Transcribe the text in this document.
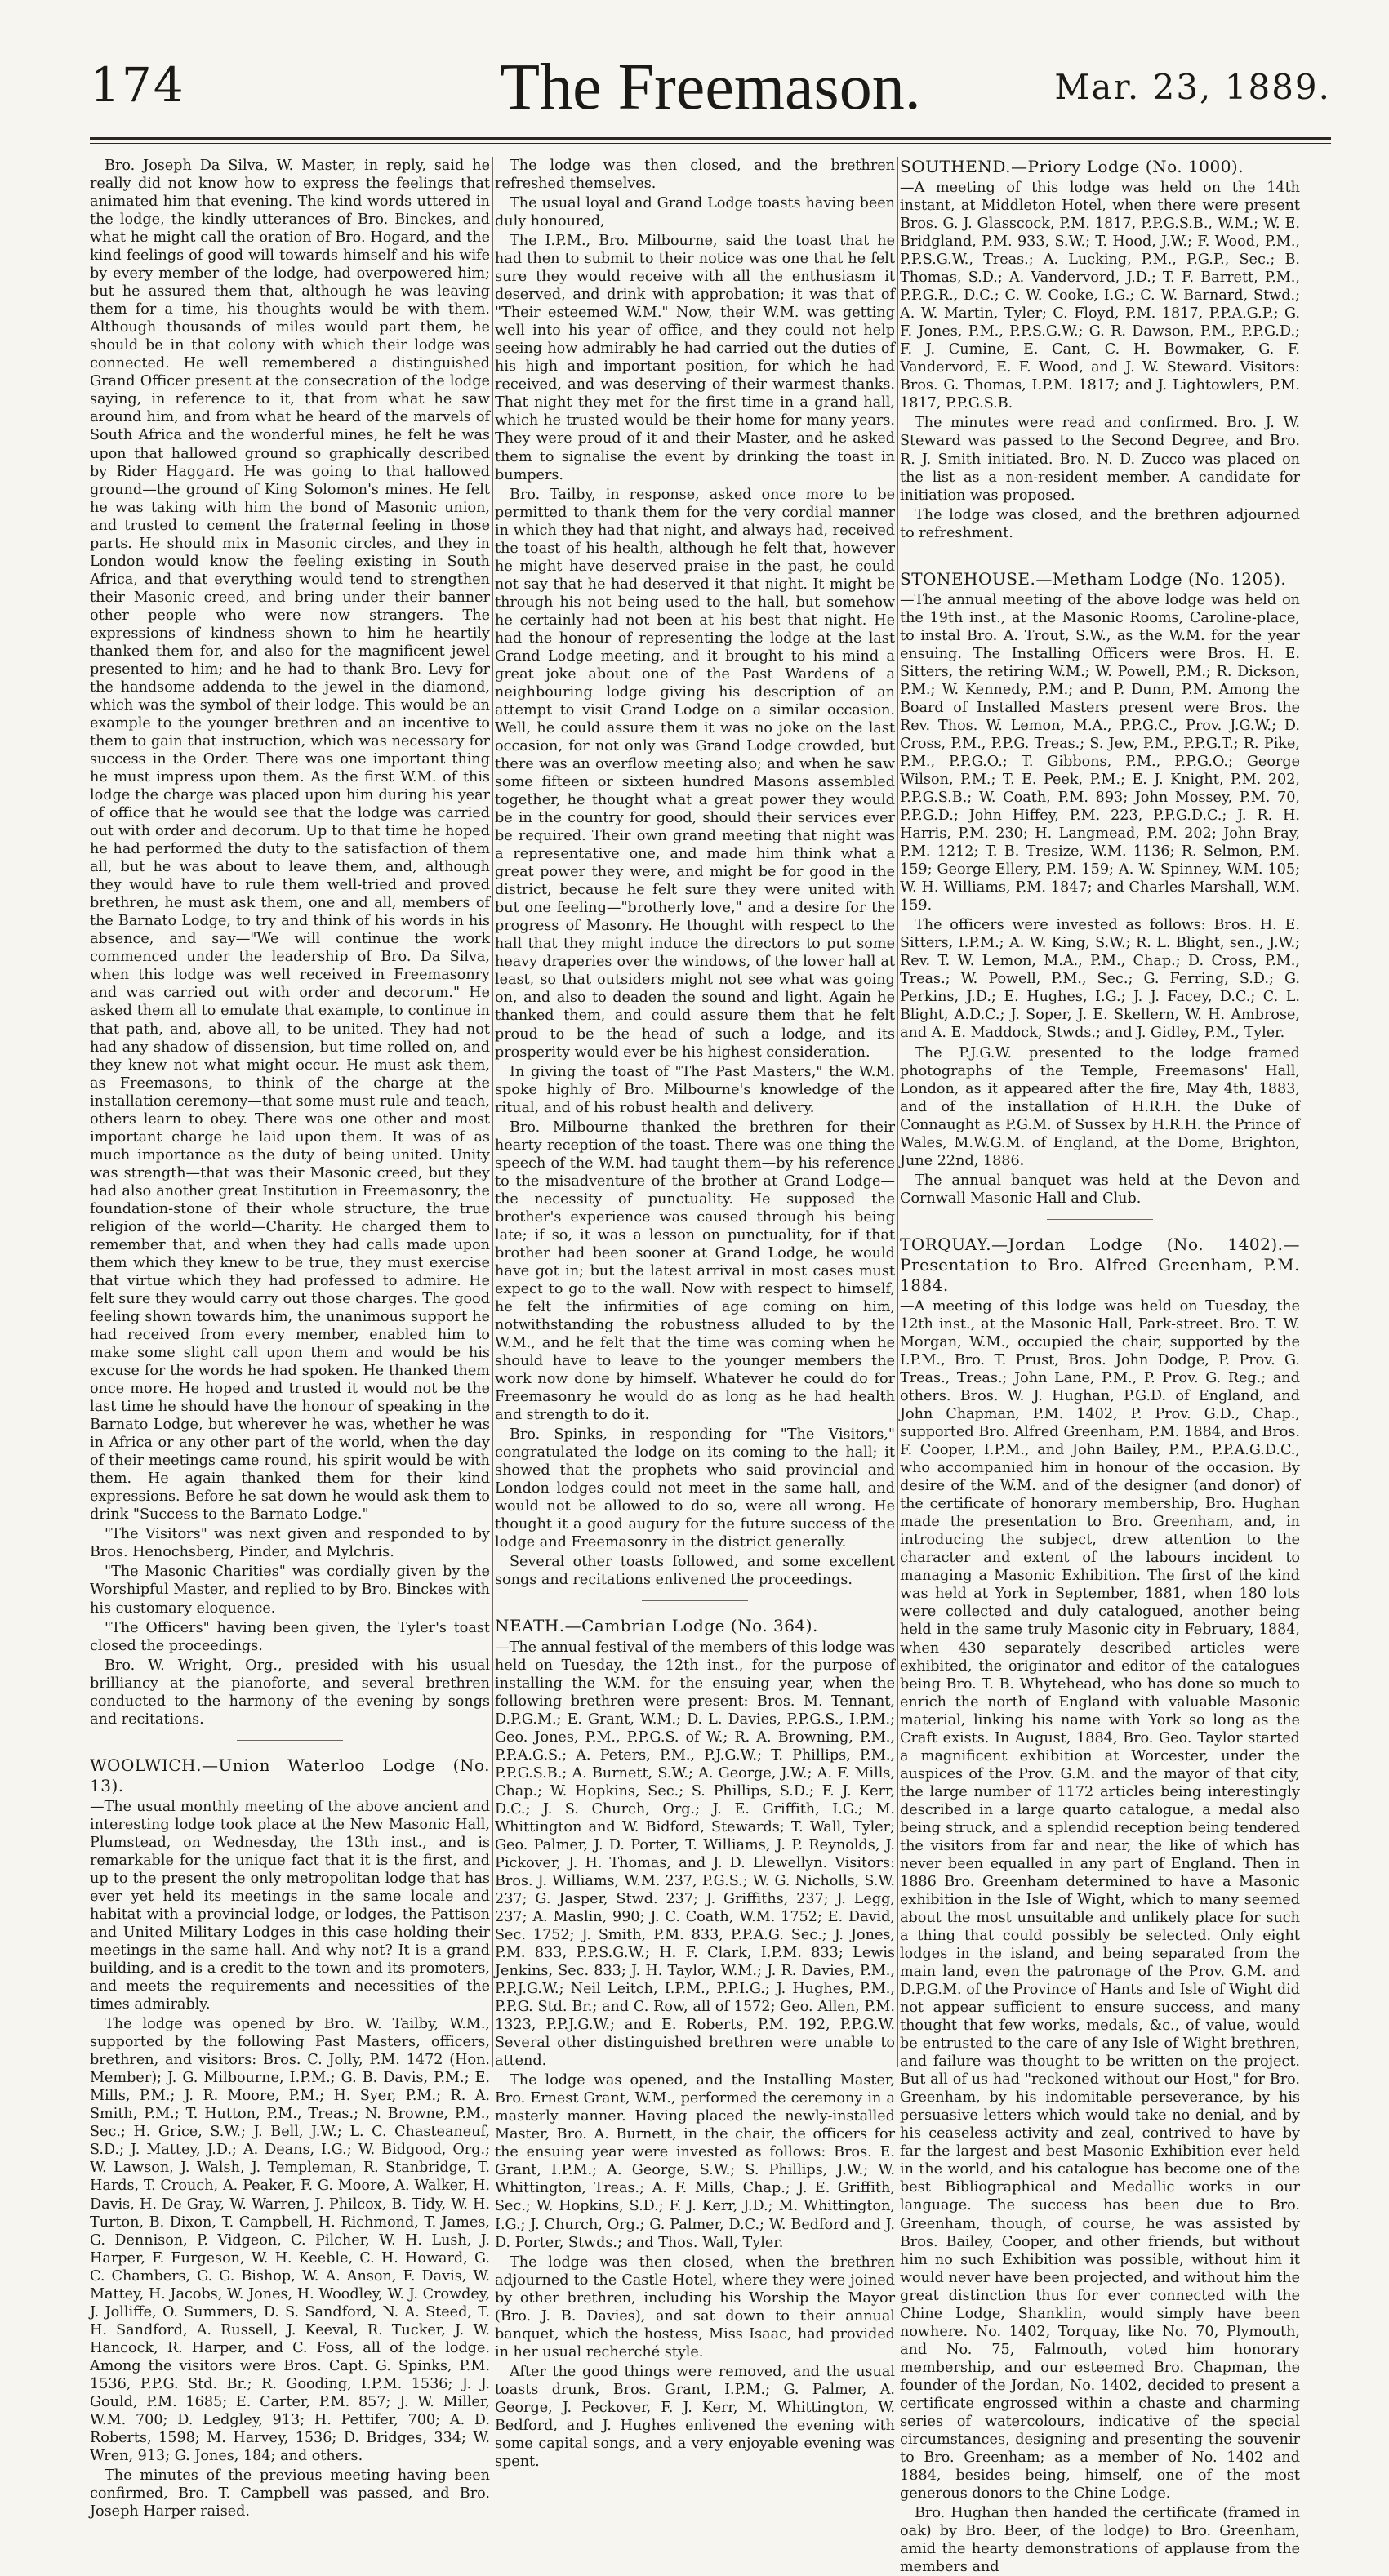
174	The Freemason.	Mar. 23, 1889.

Bro. Joseph Da Silva, W. Master, in reply, said he really did not know how to express the feelings that animated him that evening. The kind words uttered in the lodge, the kindly utterances of Bro. Binckes, and what he might call the oration of Bro. Hogard, and the kind feelings of good will towards himself and his wife by every member of the lodge, had overpowered him; but he assured them that, although he was leaving them for a time, his thoughts would be with them. Although thousands of miles would part them, he should be in that colony with which their lodge was connected. He well remembered a distinguished Grand Officer present at the consecration of the lodge saying, in reference to it, that from what he saw around him, and from what he heard of the marvels of South Africa and the wonderful mines, he felt he was upon that hallowed ground so graphically described by Rider Haggard. He was going to that hallowed ground—the ground of King Solomon's mines. He felt he was taking with him the bond of Masonic union, and trusted to cement the fraternal feeling in those parts. He should mix in Masonic circles, and they in London would know the feeling existing in South Africa, and that everything would tend to strengthen their Masonic creed, and bring under their banner other people who were now strangers. The expressions of kindness shown to him he heartily thanked them for, and also for the magnificent jewel presented to him; and he had to thank Bro. Levy for the handsome addenda to the jewel in the diamond, which was the symbol of their lodge. This would be an example to the younger brethren and an incentive to them to gain that instruction, which was necessary for success in the Order. There was one important thing he must impress upon them. As the first W.M. of this lodge the charge was placed upon him during his year of office that he would see that the lodge was carried out with order and decorum. Up to that time he hoped he had performed the duty to the satisfaction of them all, but he was about to leave them, and, although they would have to rule them well-tried and proved brethren, he must ask them, one and all, members of the Barnato Lodge, to try and think of his words in his absence, and say—"We will continue the work commenced under the leadership of Bro. Da Silva, when this lodge was well received in Freemasonry and was carried out with order and decorum." He asked them all to emulate that example, to continue in that path, and, above all, to be united. They had not had any shadow of dissension, but time rolled on, and they knew not what might occur. He must ask them, as Freemasons, to think of the charge at the installation ceremony—that some must rule and teach, others learn to obey. There was one other and most important charge he laid upon them. It was of as much importance as the duty of being united. Unity was strength—that was their Masonic creed, but they had also another great Institution in Freemasonry, the foundation-stone of their whole structure, the true religion of the world—Charity. He charged them to remember that, and when they had calls made upon them which they knew to be true, they must exercise that virtue which they had professed to admire. He felt sure they would carry out those charges. The good feeling shown towards him, the unanimous support he had received from every member, enabled him to make some slight call upon them and would be his excuse for the words he had spoken. He thanked them once more. He hoped and trusted it would not be the last time he should have the honour of speaking in the Barnato Lodge, but wherever he was, whether he was in Africa or any other part of the world, when the day of their meetings came round, his spirit would be with them. He again thanked them for their kind expressions. Before he sat down he would ask them to drink "Success to the Barnato Lodge."

"The Visitors" was next given and responded to by Bros. Henochsberg, Pinder, and Mylchris.

"The Masonic Charities" was cordially given by the Worshipful Master, and replied to by Bro. Binckes with his customary eloquence.

"The Officers" having been given, the Tyler's toast closed the proceedings.

Bro. W. Wright, Org., presided with his usual brilliancy at the pianoforte, and several brethren conducted to the harmony of the evening by songs and recitations.

WOOLWICH.—Union Waterloo Lodge (No. 13).

—The usual monthly meeting of the above ancient and interesting lodge took place at the New Masonic Hall, Plumstead, on Wednesday, the 13th inst., and is remarkable for the unique fact that it is the first, and up to the present the only metropolitan lodge that has ever yet held its meetings in the same locale and habitat with a provincial lodge, or lodges, the Pattison and United Military Lodges in this case holding their meetings in the same hall. And why not? It is a grand building, and is a credit to the town and its promoters, and meets the requirements and necessities of the times admirably.

The lodge was opened by Bro. W. Tailby, W.M., supported by the following Past Masters, officers, brethren, and visitors: Bros. C. Jolly, P.M. 1472 (Hon. Member); J. G. Milbourne, I.P.M.; G. B. Davis, P.M.; E. Mills, P.M.; J. R. Moore, P.M.; H. Syer, P.M.; R. A. Smith, P.M.; T. Hutton, P.M., Treas.; N. Browne, P.M., Sec.; H. Grice, S.W.; J. Bell, J.W.; L. C. Chasteaneuf, S.D.; J. Mattey, J.D.; A. Deans, I.G.; W. Bidgood, Org.; W. Lawson, J. Walsh, J. Templeman, R. Stanbridge, T. Hards, T. Crouch, A. Peaker, F. G. Moore, A. Walker, H. Davis, H. De Gray, W. Warren, J. Philcox, B. Tidy, W. H. Turton, B. Dixon, T. Campbell, H. Richmond, T. James, G. Dennison, P. Vidgeon, C. Pilcher, W. H. Lush, J. Harper, F. Furgeson, W. H. Keeble, C. H. Howard, G. C. Chambers, G. G. Bishop, W. A. Anson, F. Davis, W. Mattey, H. Jacobs, W. Jones, H. Woodley, W. J. Crowdey, J. Jolliffe, O. Summers, D. S. Sandford, N. A. Steed, T. H. Sandford, A. Russell, J. Keeval, R. Tucker, J. W. Hancock, R. Harper, and C. Foss, all of the lodge. Among the visitors were Bros. Capt. G. Spinks, P.M. 1536, P.P.G. Std. Br.; R. Gooding, I.P.M. 1536; J. J. Gould, P.M. 1685; E. Carter, P.M. 857; J. W. Miller, W.M. 700; D. Ledgley, 913; H. Pettifer, 700; A. D. Roberts, 1598; M. Harvey, 1536; D. Bridges, 334; W. Wren, 913; G. Jones, 184; and others.

The minutes of the previous meeting having been confirmed, Bro. T. Campbell was passed, and Bro. Joseph Harper raised.

The lodge was then closed, and the brethren refreshed themselves.

The usual loyal and Grand Lodge toasts having been duly honoured,

The I.P.M., Bro. Milbourne, said the toast that he had then to submit to their notice was one that he felt sure they would receive with all the enthusiasm it deserved, and drink with approbation; it was that of "Their esteemed W.M." Now, their W.M. was getting well into his year of office, and they could not help seeing how admirably he had carried out the duties of his high and important position, for which he had received, and was deserving of their warmest thanks. That night they met for the first time in a grand hall, which he trusted would be their home for many years. They were proud of it and their Master, and he asked them to signalise the event by drinking the toast in bumpers.

Bro. Tailby, in response, asked once more to be permitted to thank them for the very cordial manner in which they had that night, and always had, received the toast of his health, although he felt that, however he might have deserved praise in the past, he could not say that he had deserved it that night. It might be through his not being used to the hall, but somehow he certainly had not been at his best that night. He had the honour of representing the lodge at the last Grand Lodge meeting, and it brought to his mind a great joke about one of the Past Wardens of a neighbouring lodge giving his description of an attempt to visit Grand Lodge on a similar occasion. Well, he could assure them it was no joke on the last occasion, for not only was Grand Lodge crowded, but there was an overflow meeting also; and when he saw some fifteen or sixteen hundred Masons assembled together, he thought what a great power they would be in the country for good, should their services ever be required. Their own grand meeting that night was a representative one, and made him think what a great power they were, and might be for good in the district, because he felt sure they were united with but one feeling—"brotherly love," and a desire for the progress of Masonry. He thought with respect to the hall that they might induce the directors to put some heavy draperies over the windows, of the lower hall at least, so that outsiders might not see what was going on, and also to deaden the sound and light. Again he thanked them, and could assure them that he felt proud to be the head of such a lodge, and its prosperity would ever be his highest consideration.

In giving the toast of "The Past Masters," the W.M. spoke highly of Bro. Milbourne's knowledge of the ritual, and of his robust health and delivery.

Bro. Milbourne thanked the brethren for their hearty reception of the toast. There was one thing the speech of the W.M. had taught them—by his reference to the misadventure of the brother at Grand Lodge—the necessity of punctuality. He supposed the brother's experience was caused through his being late; if so, it was a lesson on punctuality, for if that brother had been sooner at Grand Lodge, he would have got in; but the latest arrival in most cases must expect to go to the wall. Now with respect to himself, he felt the infirmities of age coming on him, notwithstanding the robustness alluded to by the W.M., and he felt that the time was coming when he should have to leave to the younger members the work now done by himself. Whatever he could do for Freemasonry he would do as long as he had health and strength to do it.

Bro. Spinks, in responding for "The Visitors," congratulated the lodge on its coming to the hall; it showed that the prophets who said provincial and London lodges could not meet in the same hall, and would not be allowed to do so, were all wrong. He thought it a good augury for the future success of the lodge and Freemasonry in the district generally.

Several other toasts followed, and some excellent songs and recitations enlivened the proceedings.

NEATH.—Cambrian Lodge (No. 364).

—The annual festival of the members of this lodge was held on Tuesday, the 12th inst., for the purpose of installing the W.M. for the ensuing year, when the following brethren were present: Bros. M. Tennant, D.P.G.M.; E. Grant, W.M.; D. L. Davies, P.P.G.S., I.P.M.; Geo. Jones, P.M., P.P.G.S. of W.; R. A. Browning, P.M., P.P.A.G.S.; A. Peters, P.M., P.J.G.W.; T. Phillips, P.M., P.P.G.S.B.; A. Burnett, S.W.; A. George, J.W.; A. F. Mills, Chap.; W. Hopkins, Sec.; S. Phillips, S.D.; F. J. Kerr, D.C.; J. S. Church, Org.; J. E. Griffith, I.G.; M. Whittington and W. Bidford, Stewards; T. Wall, Tyler; Geo. Palmer, J. D. Porter, T. Williams, J. P. Reynolds, J. Pickover, J. H. Thomas, and J. D. Llewellyn. Visitors: Bros. J. Williams, W.M. 237, P.G.S.; W. G. Nicholls, S.W. 237; G. Jasper, Stwd. 237; J. Griffiths, 237; J. Legg, 237; A. Maslin, 990; J. C. Coath, W.M. 1752; E. David, Sec. 1752; J. Smith, P.M. 833, P.P.A.G. Sec.; J. Jones, P.M. 833, P.P.S.G.W.; H. F. Clark, I.P.M. 833; Lewis Jenkins, Sec. 833; J. H. Taylor, W.M.; J. R. Davies, P.M., P.P.J.G.W.; Neil Leitch, I.P.M., P.P.I.G.; J. Hughes, P.M., P.P.G. Std. Br.; and C. Row, all of 1572; Geo. Allen, P.M. 1323, P.P.J.G.W.; and E. Roberts, P.M. 192, P.P.G.W. Several other distinguished brethren were unable to attend.

The lodge was opened, and the Installing Master, Bro. Ernest Grant, W.M., performed the ceremony in a masterly manner. Having placed the newly-installed Master, Bro. A. Burnett, in the chair, the officers for the ensuing year were invested as follows: Bros. E. Grant, I.P.M.; A. George, S.W.; S. Phillips, J.W.; W. Whittington, Treas.; A. F. Mills, Chap.; J. E. Griffith, Sec.; W. Hopkins, S.D.; F. J. Kerr, J.D.; M. Whittington, I.G.; J. Church, Org.; G. Palmer, D.C.; W. Bedford and J. D. Porter, Stwds.; and Thos. Wall, Tyler.

The lodge was then closed, when the brethren adjourned to the Castle Hotel, where they were joined by other brethren, including his Worship the Mayor (Bro. J. B. Davies), and sat down to their annual banquet, which the hostess, Miss Isaac, had provided in her usual recherché style.

After the good things were removed, and the usual toasts drunk, Bros. Grant, I.P.M.; G. Palmer, A. George, J. Peckover, F. J. Kerr, M. Whittington, W. Bedford, and J. Hughes enlivened the evening with some capital songs, and a very enjoyable evening was spent.

SOUTHEND.—Priory Lodge (No. 1000).

—A meeting of this lodge was held on the 14th instant, at Middleton Hotel, when there were present Bros. G. J. Glasscock, P.M. 1817, P.P.G.S.B., W.M.; W. E. Bridgland, P.M. 933, S.W.; T. Hood, J.W.; F. Wood, P.M., P.P.S.G.W., Treas.; A. Lucking, P.M., P.G.P., Sec.; B. Thomas, S.D.; A. Vandervord, J.D.; T. F. Barrett, P.M., P.P.G.R., D.C.; C. W. Cooke, I.G.; C. W. Barnard, Stwd.; A. W. Martin, Tyler; C. Floyd, P.M. 1817, P.P.A.G.P.; G. F. Jones, P.M., P.P.S.G.W.; G. R. Dawson, P.M., P.P.G.D.; F. J. Cumine, E. Cant, C. H. Bowmaker, G. F. Vandervord, E. F. Wood, and J. W. Steward. Visitors: Bros. G. Thomas, I.P.M. 1817; and J. Lightowlers, P.M. 1817, P.P.G.S.B.

The minutes were read and confirmed. Bro. J. W. Steward was passed to the Second Degree, and Bro. R. J. Smith initiated. Bro. N. D. Zucco was placed on the list as a non-resident member. A candidate for initiation was proposed.

The lodge was closed, and the brethren adjourned to refreshment.

STONEHOUSE.—Metham Lodge (No. 1205).

—The annual meeting of the above lodge was held on the 19th inst., at the Masonic Rooms, Caroline-place, to instal Bro. A. Trout, S.W., as the W.M. for the year ensuing. The Installing Officers were Bros. H. E. Sitters, the retiring W.M.; W. Powell, P.M.; R. Dickson, P.M.; W. Kennedy, P.M.; and P. Dunn, P.M. Among the Board of Installed Masters present were Bros. the Rev. Thos. W. Lemon, M.A., P.P.G.C., Prov. J.G.W.; D. Cross, P.M., P.P.G. Treas.; S. Jew, P.M., P.P.G.T.; R. Pike, P.M., P.P.G.O.; T. Gibbons, P.M., P.P.G.O.; George Wilson, P.M.; T. E. Peek, P.M.; E. J. Knight, P.M. 202, P.P.G.S.B.; W. Coath, P.M. 893; John Mossey, P.M. 70, P.P.G.D.; John Hiffey, P.M. 223, P.P.G.D.C.; J. R. H. Harris, P.M. 230; H. Langmead, P.M. 202; John Bray, P.M. 1212; T. B. Tresize, W.M. 1136; R. Selmon, P.M. 159; George Ellery, P.M. 159; A. W. Spinney, W.M. 105; W. H. Williams, P.M. 1847; and Charles Marshall, W.M. 159.

The officers were invested as follows: Bros. H. E. Sitters, I.P.M.; A. W. King, S.W.; R. L. Blight, sen., J.W.; Rev. T. W. Lemon, M.A., P.M., Chap.; D. Cross, P.M., Treas.; W. Powell, P.M., Sec.; G. Ferring, S.D.; G. Perkins, J.D.; E. Hughes, I.G.; J. J. Facey, D.C.; C. L. Blight, A.D.C.; J. Soper, J. E. Skellern, W. H. Ambrose, and A. E. Maddock, Stwds.; and J. Gidley, P.M., Tyler.

The P.J.G.W. presented to the lodge framed photographs of the Temple, Freemasons' Hall, London, as it appeared after the fire, May 4th, 1883, and of the installation of H.R.H. the Duke of Connaught as P.G.M. of Sussex by H.R.H. the Prince of Wales, M.W.G.M. of England, at the Dome, Brighton, June 22nd, 1886.

The annual banquet was held at the Devon and Cornwall Masonic Hall and Club.

TORQUAY.—Jordan Lodge (No. 1402).—Presentation to Bro. Alfred Greenham, P.M. 1884.

—A meeting of this lodge was held on Tuesday, the 12th inst., at the Masonic Hall, Park-street. Bro. T. W. Morgan, W.M., occupied the chair, supported by the I.P.M., Bro. T. Prust, Bros. John Dodge, P. Prov. G. Treas., Treas.; John Lane, P.M., P. Prov. G. Reg.; and others. Bros. W. J. Hughan, P.G.D. of England, and John Chapman, P.M. 1402, P. Prov. G.D., Chap., supported Bro. Alfred Greenham, P.M. 1884, and Bros. F. Cooper, I.P.M., and John Bailey, P.M., P.P.A.G.D.C., who accompanied him in honour of the occasion. By desire of the W.M. and of the designer (and donor) of the certificate of honorary membership, Bro. Hughan made the presentation to Bro. Greenham, and, in introducing the subject, drew attention to the character and extent of the labours incident to managing a Masonic Exhibition. The first of the kind was held at York in September, 1881, when 180 lots were collected and duly catalogued, another being held in the same truly Masonic city in February, 1884, when 430 separately described articles were exhibited, the originator and editor of the catalogues being Bro. T. B. Whytehead, who has done so much to enrich the north of England with valuable Masonic material, linking his name with York so long as the Craft exists. In August, 1884, Bro. Geo. Taylor started a magnificent exhibition at Worcester, under the auspices of the Prov. G.M. and the mayor of that city, the large number of 1172 articles being interestingly described in a large quarto catalogue, a medal also being struck, and a splendid reception being tendered the visitors from far and near, the like of which has never been equalled in any part of England. Then in 1886 Bro. Greenham determined to have a Masonic exhibition in the Isle of Wight, which to many seemed about the most unsuitable and unlikely place for such a thing that could possibly be selected. Only eight lodges in the island, and being separated from the main land, even the patronage of the Prov. G.M. and D.P.G.M. of the Province of Hants and Isle of Wight did not appear sufficient to ensure success, and many thought that few works, medals, &c., of value, would be entrusted to the care of any Isle of Wight brethren, and failure was thought to be written on the project. But all of us had "reckoned without our Host," for Bro. Greenham, by his indomitable perseverance, by his persuasive letters which would take no denial, and by his ceaseless activity and zeal, contrived to have by far the largest and best Masonic Exhibition ever held in the world, and his catalogue has become one of the best Bibliographical and Medallic works in our language. The success has been due to Bro. Greenham, though, of course, he was assisted by Bros. Bailey, Cooper, and other friends, but without him no such Exhibition was possible, without him it would never have been projected, and without him the great distinction thus for ever connected with the Chine Lodge, Shanklin, would simply have been nowhere. No. 1402, Torquay, like No. 70, Plymouth, and No. 75, Falmouth, voted him honorary membership, and our esteemed Bro. Chapman, the founder of the Jordan, No. 1402, decided to present a certificate engrossed within a chaste and charming series of watercolours, indicative of the special circumstances, designing and presenting the souvenir to Bro. Greenham; as a member of No. 1402 and 1884, besides being, himself, one of the most generous donors to the Chine Lodge.

Bro. Hughan then handed the certificate (framed in oak) by Bro. Beer, of the lodge) to Bro. Greenham, amid the hearty demonstrations of applause from the members and
